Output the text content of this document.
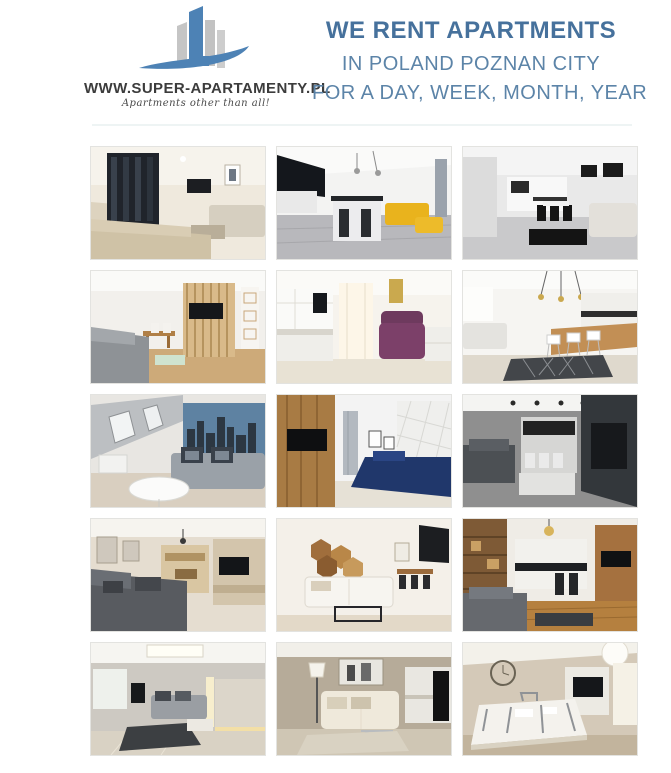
WWW.SUPER-APARTAMENTY.PL
Apartments other than all!
WE RENT APARTMENTS
IN POLAND POZNAN CITY
FOR A DAY, WEEK, MONTH, YEAR
